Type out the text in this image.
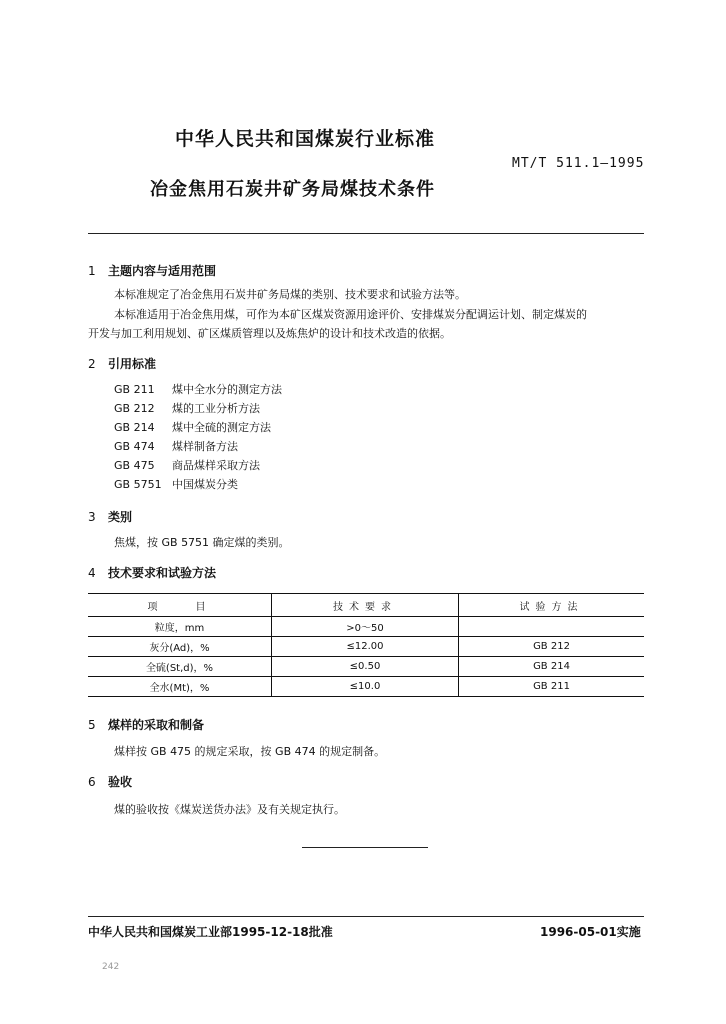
中华人民共和国煤炭行业标准
MT/T 511.1—1995
冶金焦用石炭井矿务局煤技术条件
1 主题内容与适用范围
本标准规定了冶金焦用石炭井矿务局煤的类别、技术要求和试验方法等。
本标准适用于冶金焦用煤，可作为本矿区煤炭资源用途评价、安排煤炭分配调运计划、制定煤炭的
开发与加工利用规划、矿区煤质管理以及炼焦炉的设计和技术改造的依据。
2 引用标准
GB 211 煤中全水分的测定方法
GB 212 煤的工业分析方法
GB 214 煤中全硫的测定方法
GB 474 煤样制备方法
GB 475 商品煤样采取方法
GB 5751 中国煤炭分类
3 类别
焦煤，按 GB 5751 确定煤的类别。
4 技术要求和试验方法
项　　目	技术要求	试验方法
粒度，mm	>0～50	
灰分(Ad)，%	≤12.00	GB 212
全硫(St,d)，%	≤0.50	GB 214
全水(Mt)，%	≤10.0	GB 211
5 煤样的采取和制备
煤样按 GB 475 的规定采取，按 GB 474 的规定制备。
6 验收
煤的验收按《煤炭送货办法》及有关规定执行。
中华人民共和国煤炭工业部1995-12-18批准	1996-05-01实施
242
